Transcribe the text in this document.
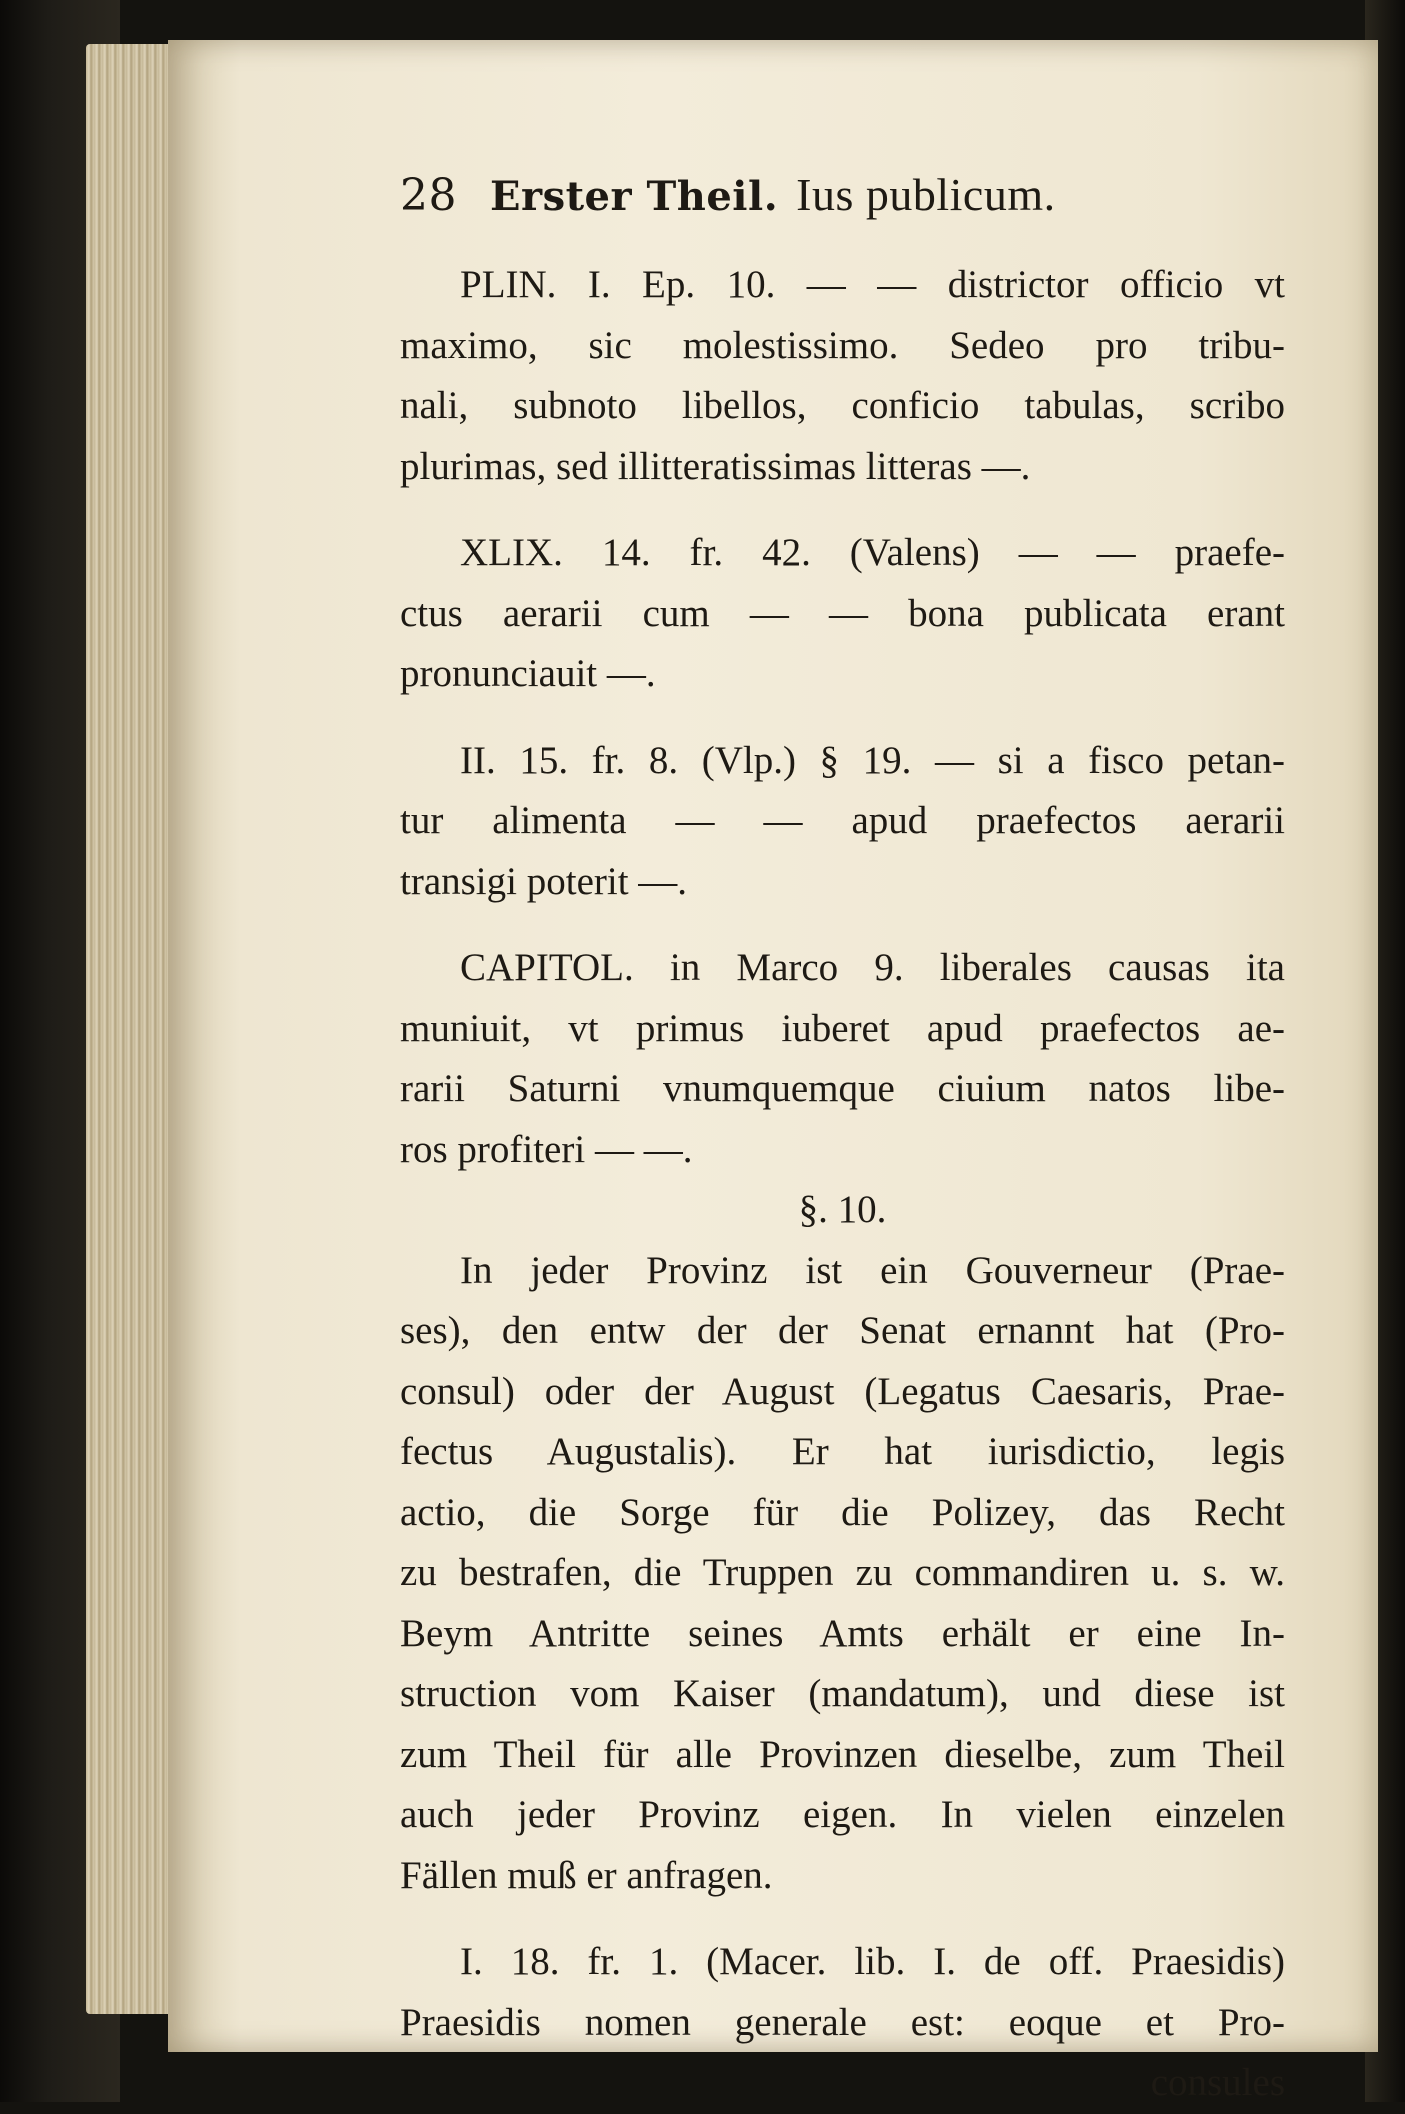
28 Erster Theil. Ius publicum.

PLIN. I. Ep. 10. — — districtor officio vt

maximo, sic molestissimo. Sedeo pro tribu-

nali, subnoto libellos, conficio tabulas, scribo

plurimas, sed illitteratissimas litteras —.

XLIX. 14. fr. 42. (Valens) — — praefe-

ctus aerarii cum — — bona publicata erant

pronunciauit —.

II. 15. fr. 8. (Vlp.) § 19. — si a fisco petan-

tur alimenta — — apud praefectos aerarii

transigi poterit —.

CAPITOL. in Marco 9. liberales causas ita

muniuit, vt primus iuberet apud praefectos ae-

rarii Saturni vnumquemque ciuium natos libe-

ros profiteri — —.

§. 10.

In jeder Provinz ist ein Gouverneur (Prae-

ses), den entw der der Senat ernannt hat (Pro-

consul) oder der August (Legatus Caesaris, Prae-

fectus Augustalis). Er hat iurisdictio, legis

actio, die Sorge für die Polizey, das Recht

zu bestrafen, die Truppen zu commandiren u. s. w.

Beym Antritte seines Amts erhält er eine In-

struction vom Kaiser (mandatum), und diese ist

zum Theil für alle Provinzen dieselbe, zum Theil

auch jeder Provinz eigen. In vielen einzelen

Fällen muß er anfragen.

I. 18. fr. 1. (Macer. lib. I. de off. Praesidis)

Praesidis nomen generale est: eoque et Pro-

consules
